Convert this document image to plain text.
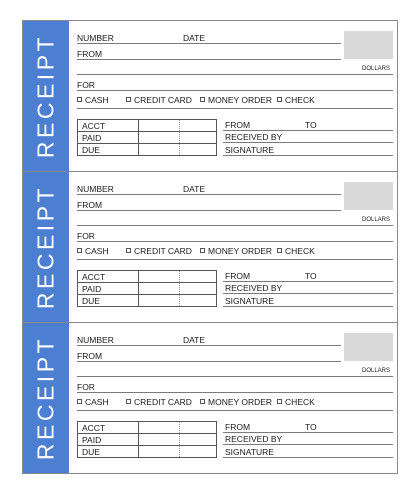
RECEIPT NUMBER	DATE
FROM
DOLLARS
FOR
CASH	CREDIT CARD	MONEY ORDER	CHECK
ACCT
PAID
DUE
FROM	TO
RECEIVED BY
SIGNATURE
RECEIPT NUMBER	DATE
FROM
DOLLARS
FOR
CASH	CREDIT CARD	MONEY ORDER	CHECK
ACCT
PAID
DUE
FROM	TO
RECEIVED BY
SIGNATURE
RECEIPT NUMBER	DATE
FROM
DOLLARS
FOR
CASH	CREDIT CARD	MONEY ORDER	CHECK
ACCT
PAID
DUE
FROM	TO
RECEIVED BY
SIGNATURE
